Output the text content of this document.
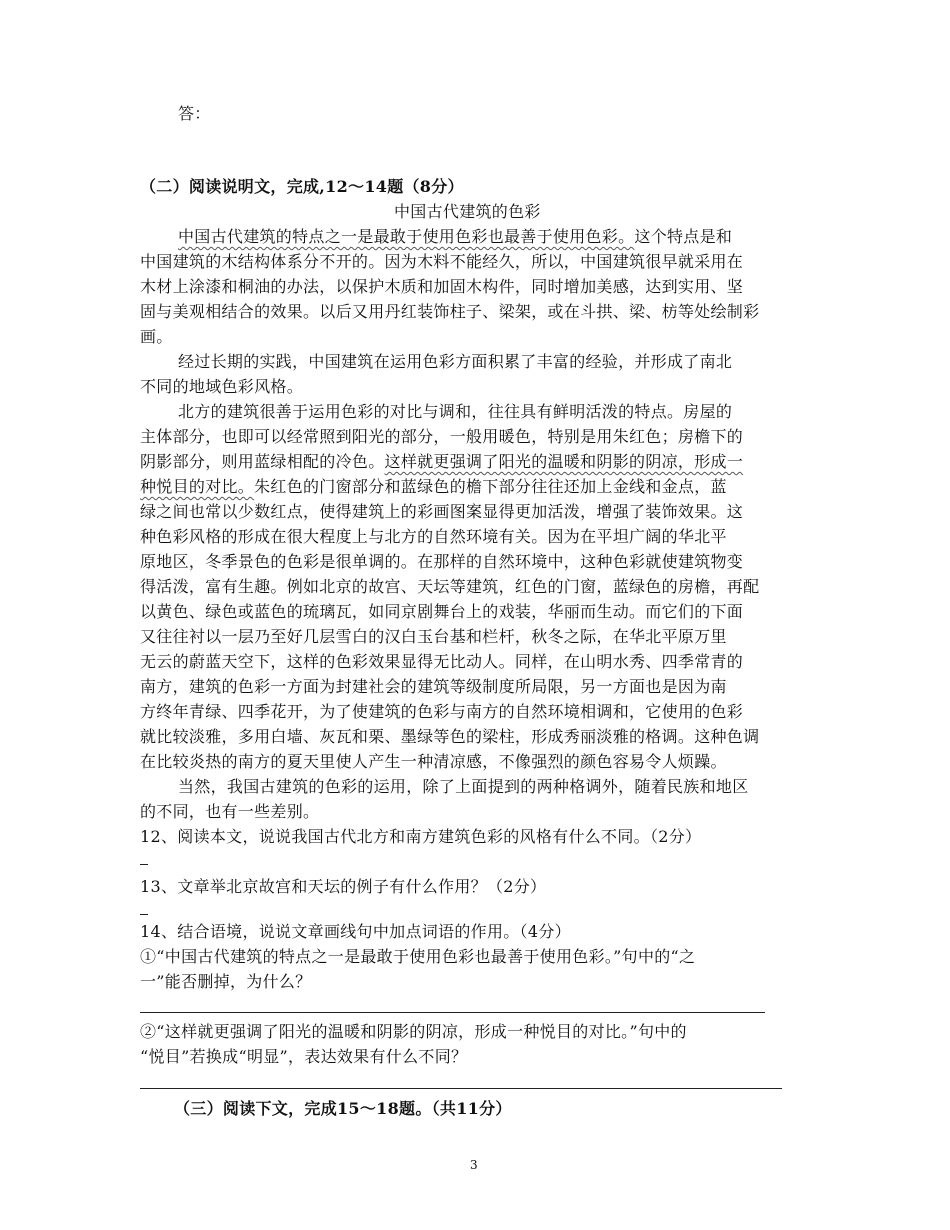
答：
（二）阅读说明文，完成,12～14题（8分）
中国古代建筑的色彩
中国古代建筑的特点之一是最敢于使用色彩也最善于使用色彩。这个特点是和
中国建筑的木结构体系分不开的。因为木料不能经久，所以，中国建筑很早就采用在
木材上涂漆和桐油的办法，以保护木质和加固木构件，同时增加美感，达到实用、坚
固与美观相结合的效果。以后又用丹红装饰柱子、梁架，或在斗拱、梁、枋等处绘制彩
画。
经过长期的实践，中国建筑在运用色彩方面积累了丰富的经验，并形成了南北
不同的地域色彩风格。
北方的建筑很善于运用色彩的对比与调和，往往具有鲜明活泼的特点。房屋的
主体部分，也即可以经常照到阳光的部分，一般用暖色，特别是用朱红色；房檐下的
阴影部分，则用蓝绿相配的冷色。这样就更强调了阳光的温暖和阴影的阴凉，形成一
种悦目的对比。朱红色的门窗部分和蓝绿色的檐下部分往往还加上金线和金点，蓝
绿之间也常以少数红点，使得建筑上的彩画图案显得更加活泼，增强了装饰效果。这
种色彩风格的形成在很大程度上与北方的自然环境有关。因为在平坦广阔的华北平
原地区，冬季景色的色彩是很单调的。在那样的自然环境中，这种色彩就使建筑物变
得活泼，富有生趣。例如北京的故宫、天坛等建筑，红色的门窗，蓝绿色的房檐，再配
以黄色、绿色或蓝色的琉璃瓦，如同京剧舞台上的戏装，华丽而生动。而它们的下面
又往往衬以一层乃至好几层雪白的汉白玉台基和栏杆，秋冬之际，在华北平原万里
无云的蔚蓝天空下，这样的色彩效果显得无比动人。同样，在山明水秀、四季常青的
南方，建筑的色彩一方面为封建社会的建筑等级制度所局限，另一方面也是因为南
方终年青绿、四季花开，为了使建筑的色彩与南方的自然环境相调和，它使用的色彩
就比较淡雅，多用白墙、灰瓦和栗、墨绿等色的梁柱，形成秀丽淡雅的格调。这种色调
在比较炎热的南方的夏天里使人产生一种清凉感，不像强烈的颜色容易令人烦躁。
当然，我国古建筑的色彩的运用，除了上面提到的两种格调外，随着民族和地区
的不同，也有一些差别。
12、阅读本文，说说我国古代北方和南方建筑色彩的风格有什么不同。（2分）
13、文章举北京故宫和天坛的例子有什么作用？（2分）
14、结合语境，说说文章画线句中加点词语的作用。（4分）
①“中国古代建筑的特点之一是最敢于使用色彩也最善于使用色彩。”句中的“之
一”能否删掉，为什么？
②“这样就更强调了阳光的温暖和阴影的阴凉，形成一种悦目的对比。”句中的
“悦目”若换成“明显”，表达效果有什么不同？
（三）阅读下文，完成15～18题。（共11分）
3
